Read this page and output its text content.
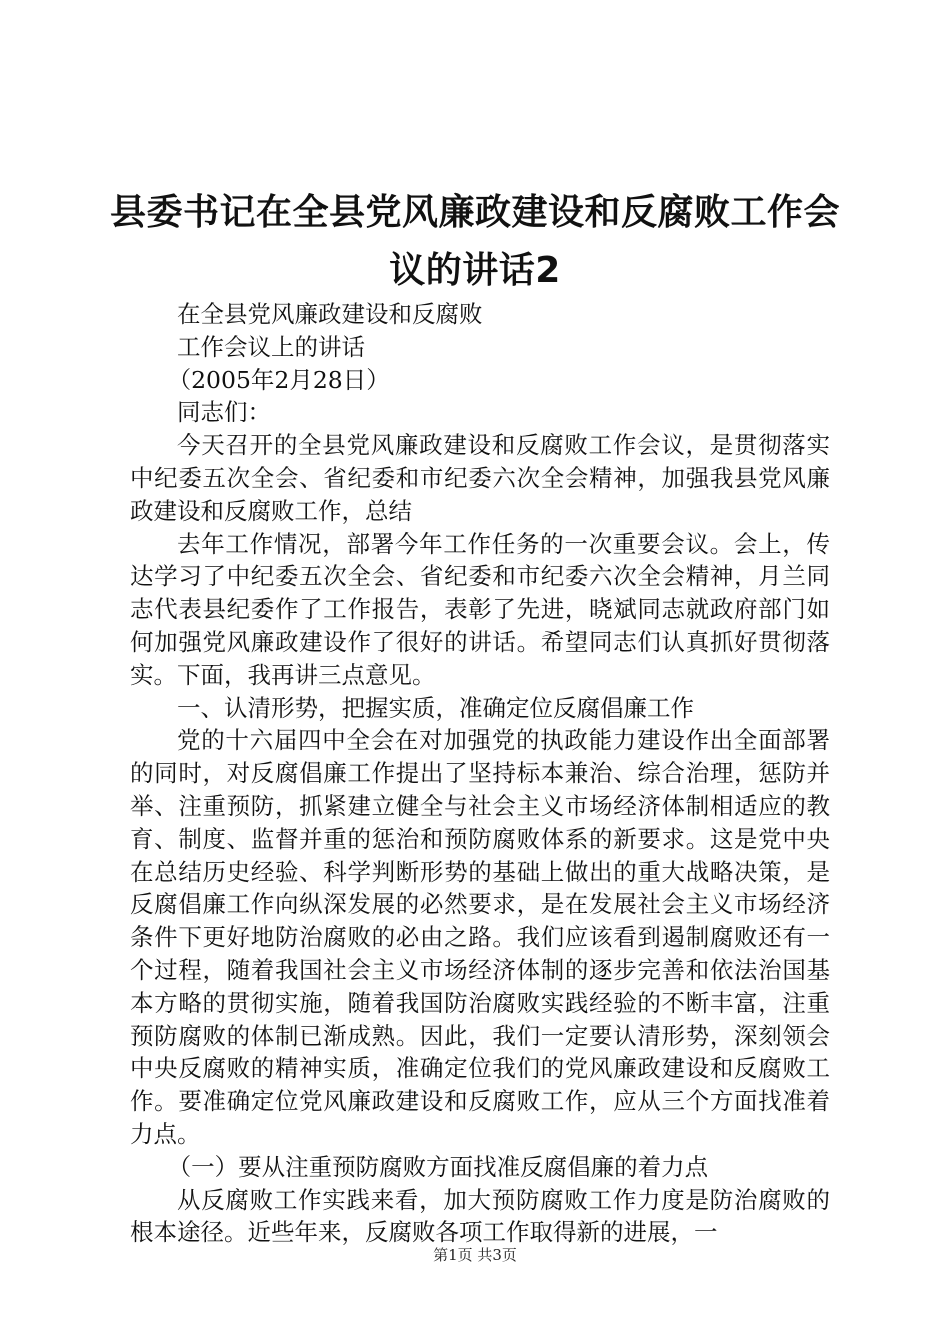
县委书记在全县党风廉政建设和反腐败工作会
议的讲话2

在全县党风廉政建设和反腐败

工作会议上的讲话

（2005年2月28日）

同志们：

今天召开的全县党风廉政建设和反腐败工作会议，是贯彻落实中纪委五次全会、省纪委和市纪委六次全会精神，加强我县党风廉政建设和反腐败工作，总结

去年工作情况，部署今年工作任务的一次重要会议。会上，传达学习了中纪委五次全会、省纪委和市纪委六次全会精神，月兰同志代表县纪委作了工作报告，表彰了先进，晓斌同志就政府部门如何加强党风廉政建设作了很好的讲话。希望同志们认真抓好贯彻落实。下面，我再讲三点意见。

一、认清形势，把握实质，准确定位反腐倡廉工作

党的十六届四中全会在对加强党的执政能力建设作出全面部署的同时，对反腐倡廉工作提出了坚持标本兼治、综合治理，惩防并举、注重预防，抓紧建立健全与社会主义市场经济体制相适应的教育、制度、监督并重的惩治和预防腐败体系的新要求。这是党中央在总结历史经验、科学判断形势的基础上做出的重大战略决策，是反腐倡廉工作向纵深发展的必然要求，是在发展社会主义市场经济条件下更好地防治腐败的必由之路。我们应该看到遏制腐败还有一个过程，随着我国社会主义市场经济体制的逐步完善和依法治国基本方略的贯彻实施，随着我国防治腐败实践经验的不断丰富，注重预防腐败的体制已渐成熟。因此，我们一定要认清形势，深刻领会中央反腐败的精神实质，准确定位我们的党风廉政建设和反腐败工作。要准确定位党风廉政建设和反腐败工作，应从三个方面找准着力点。

（一）要从注重预防腐败方面找准反腐倡廉的着力点

从反腐败工作实践来看，加大预防腐败工作力度是防治腐败的根本途径。近些年来，反腐败各项工作取得新的进展，一

第1页 共3页
